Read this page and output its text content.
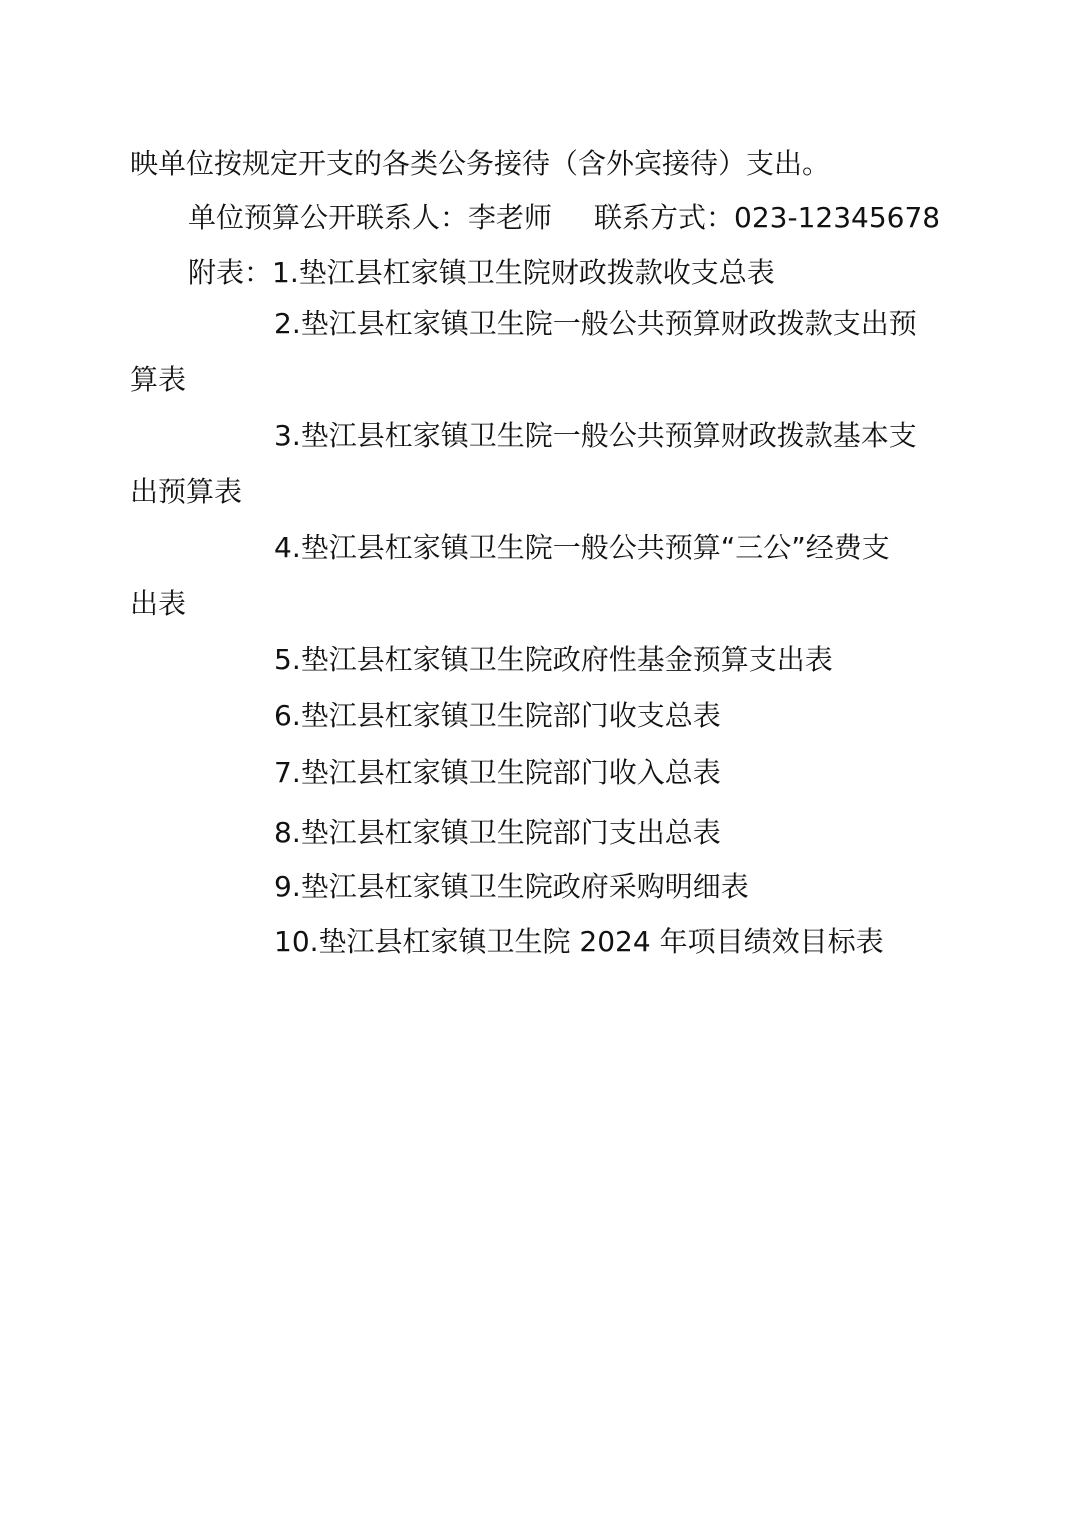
映单位按规定开支的各类公务接待（含外宾接待）支出。
单位预算公开联系人：李老师 联系方式：023-12345678
附表：1.垫江县杠家镇卫生院财政拨款收支总表
2.垫江县杠家镇卫生院一般公共预算财政拨款支出预
算表
3.垫江县杠家镇卫生院一般公共预算财政拨款基本支
出预算表
4.垫江县杠家镇卫生院一般公共预算“三公”经费支
出表
5.垫江县杠家镇卫生院政府性基金预算支出表
6.垫江县杠家镇卫生院部门收支总表
7.垫江县杠家镇卫生院部门收入总表
8.垫江县杠家镇卫生院部门支出总表
9.垫江县杠家镇卫生院政府采购明细表
10.垫江县杠家镇卫生院 2024 年项目绩效目标表
